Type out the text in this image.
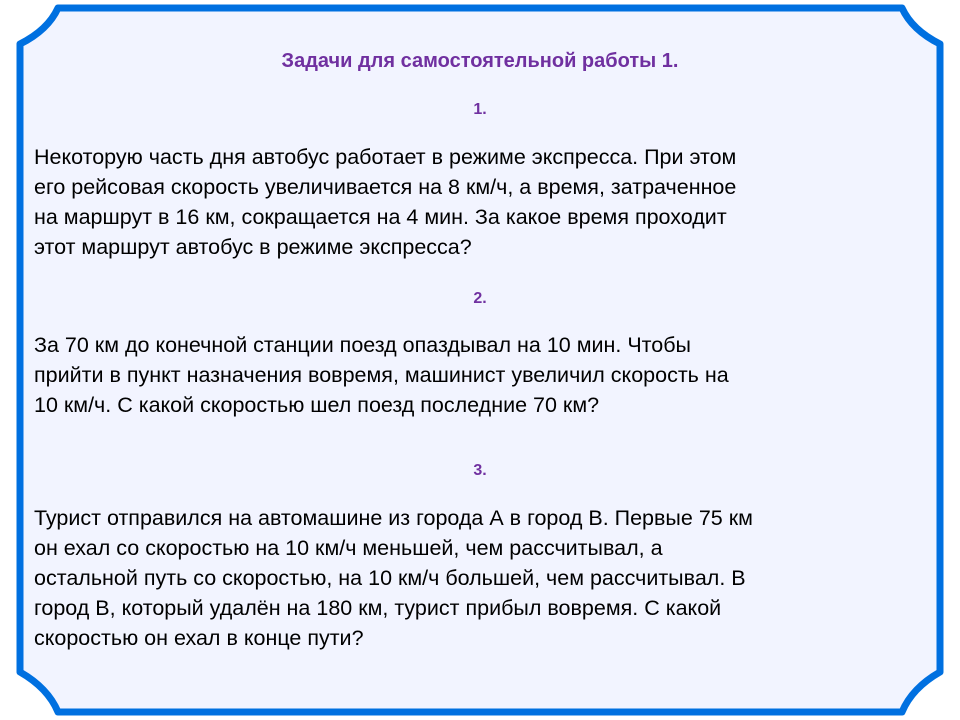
Задачи для самостоятельной работы 1.

1.

Некоторую часть дня автобус работает в режиме экспресса. При этом
его рейсовая скорость увеличивается на 8 км/ч, а время, затраченное
на маршрут в 16 км, сокращается на 4 мин. За какое время проходит
этот маршрут автобус в режиме экспресса?

2.

За 70 км до конечной станции поезд опаздывал на 10 мин. Чтобы
прийти в пункт назначения вовремя, машинист увеличил скорость на
10 км/ч. С какой скоростью шел поезд последние 70 км?

3.

Турист отправился на автомашине из города А в город В. Первые 75 км
он ехал со скоростью на 10 км/ч меньшей, чем рассчитывал, а
остальной путь со скоростью, на 10 км/ч большей, чем рассчитывал. В
город В, который удалён на 180 км, турист прибыл вовремя. С какой
скоростью он ехал в конце пути?
